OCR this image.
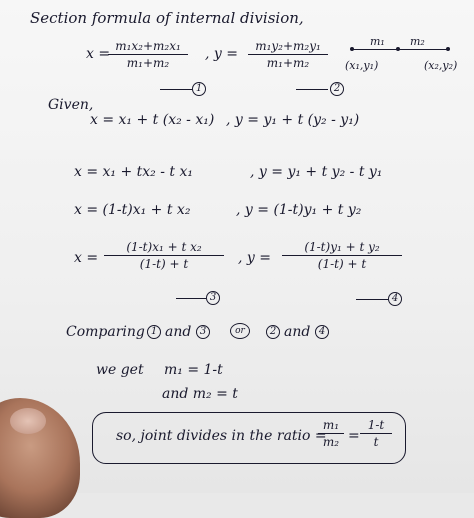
Section formula of internal division,
x = m₁x₂+m₂x₁
m₁+m₂
, y =	m₁y₂+m₂y₁
m₁+m₂
m₁ m₂
(x₁,y₁)	(x₂,y₂)
1	2
Given,
x = x₁ + t (x₂ - x₁) , y = y₁ + t (y₂ - y₁)
x = x₁ + tx₂ - t x₁	, y = y₁ + t y₂ - t y₁
x = (1-t)x₁ + t x₂	, y = (1-t)y₁ + t y₂
x =
(1-t)x₁ + t x₂
(1-t) + t	, y =
(1-t)y₁ + t y₂
(1-t) + t
3	4
Comparing 1 and 3	or	2 and 4
we get m₁ = 1-t
and m₂ = t
so, joint divides in the ratio =
m₁
m₂ =
1-t
t
